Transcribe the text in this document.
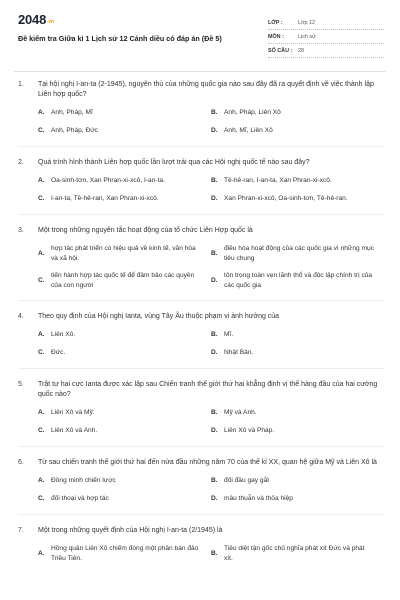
2048.vn
Đề kiểm tra Giữa kì 1 Lịch sử 12 Cánh diều có đáp án (Đề 5)
LỚP :	Lớp 12
MÔN :	Lịch sử
SỐ CÂU :	28
1.	Tại hội nghị I-an-ta (2-1945), nguyên thủ của những quốc gia nào sau đây đã ra quyết định về việc thành lập Liên hợp quốc?
A. Anh, Pháp, Mĩ	B. Anh, Pháp, Liên Xô
C. Anh, Pháp, Đức	D. Anh, Mĩ, Liên Xô
2.	Quá trình hình thành Liên hợp quốc lần lượt trải qua các Hội nghị quốc tế nào sau đây?
A. Oa-sinh-tơn, Xan Phran-xi-xcô, I-an-ta.	B. Tê-hê-ran, I-an-ta, Xan Phran-xi-xcô.
C. I-an-ta, Tê-hê-ran, Xan Phran-xi-xcô.	D. Xan Phran-xi-xcô, Oa-sinh-tơn, Tê-hê-ran.
3.	Một trong những nguyên tắc hoạt động của tổ chức Liên Hợp quốc là
A.
hợp tác phát triển có hiệu quả về kinh tế, văn hóa và xã hội.
B.
điều hòa hoạt động của các quốc gia vì những mục tiêu chung
C.
tiến hành hợp tác quốc tế để đảm bảo các quyền của con người
D.
tôn trọng toàn vẹn lãnh thổ và độc lập chính trị của các quốc gia
4.	Theo quy định của Hội nghị Ianta, vùng Tây Âu thuộc phạm vi ảnh hưởng của
A. Liên Xô.	B. Mĩ.
C. Đức.	D. Nhật Bản.
5.	Trật tự hai cực Ianta được xác lập sau Chiến tranh thế giới thứ hai khẳng định vị thế hàng đầu của hai cường quốc nào?
A. Liên Xô và Mỹ.	B. Mỹ và Anh.
C. Liên Xô và Anh.	D. Liên Xô và Pháp.
6.	Từ sau chiến tranh thế giới thứ hai đến nửa đầu những năm 70 của thế kỉ XX, quan hệ giữa Mỹ và Liên Xô là
A. Đồng minh chiến lược	B. đối đầu gay gắt
C. đối thoại và hợp tác	D. mâu thuẫn và thỏa hiệp
7.	Một trong những quyết định của Hội nghị I-an-ta (2/1945) là
A.
Hồng quân Liên Xô chiếm đóng một phần bán đảo Triều Tiên.
B.
Tiêu diệt tận gốc chủ nghĩa phát xít Đức và phát xít.
